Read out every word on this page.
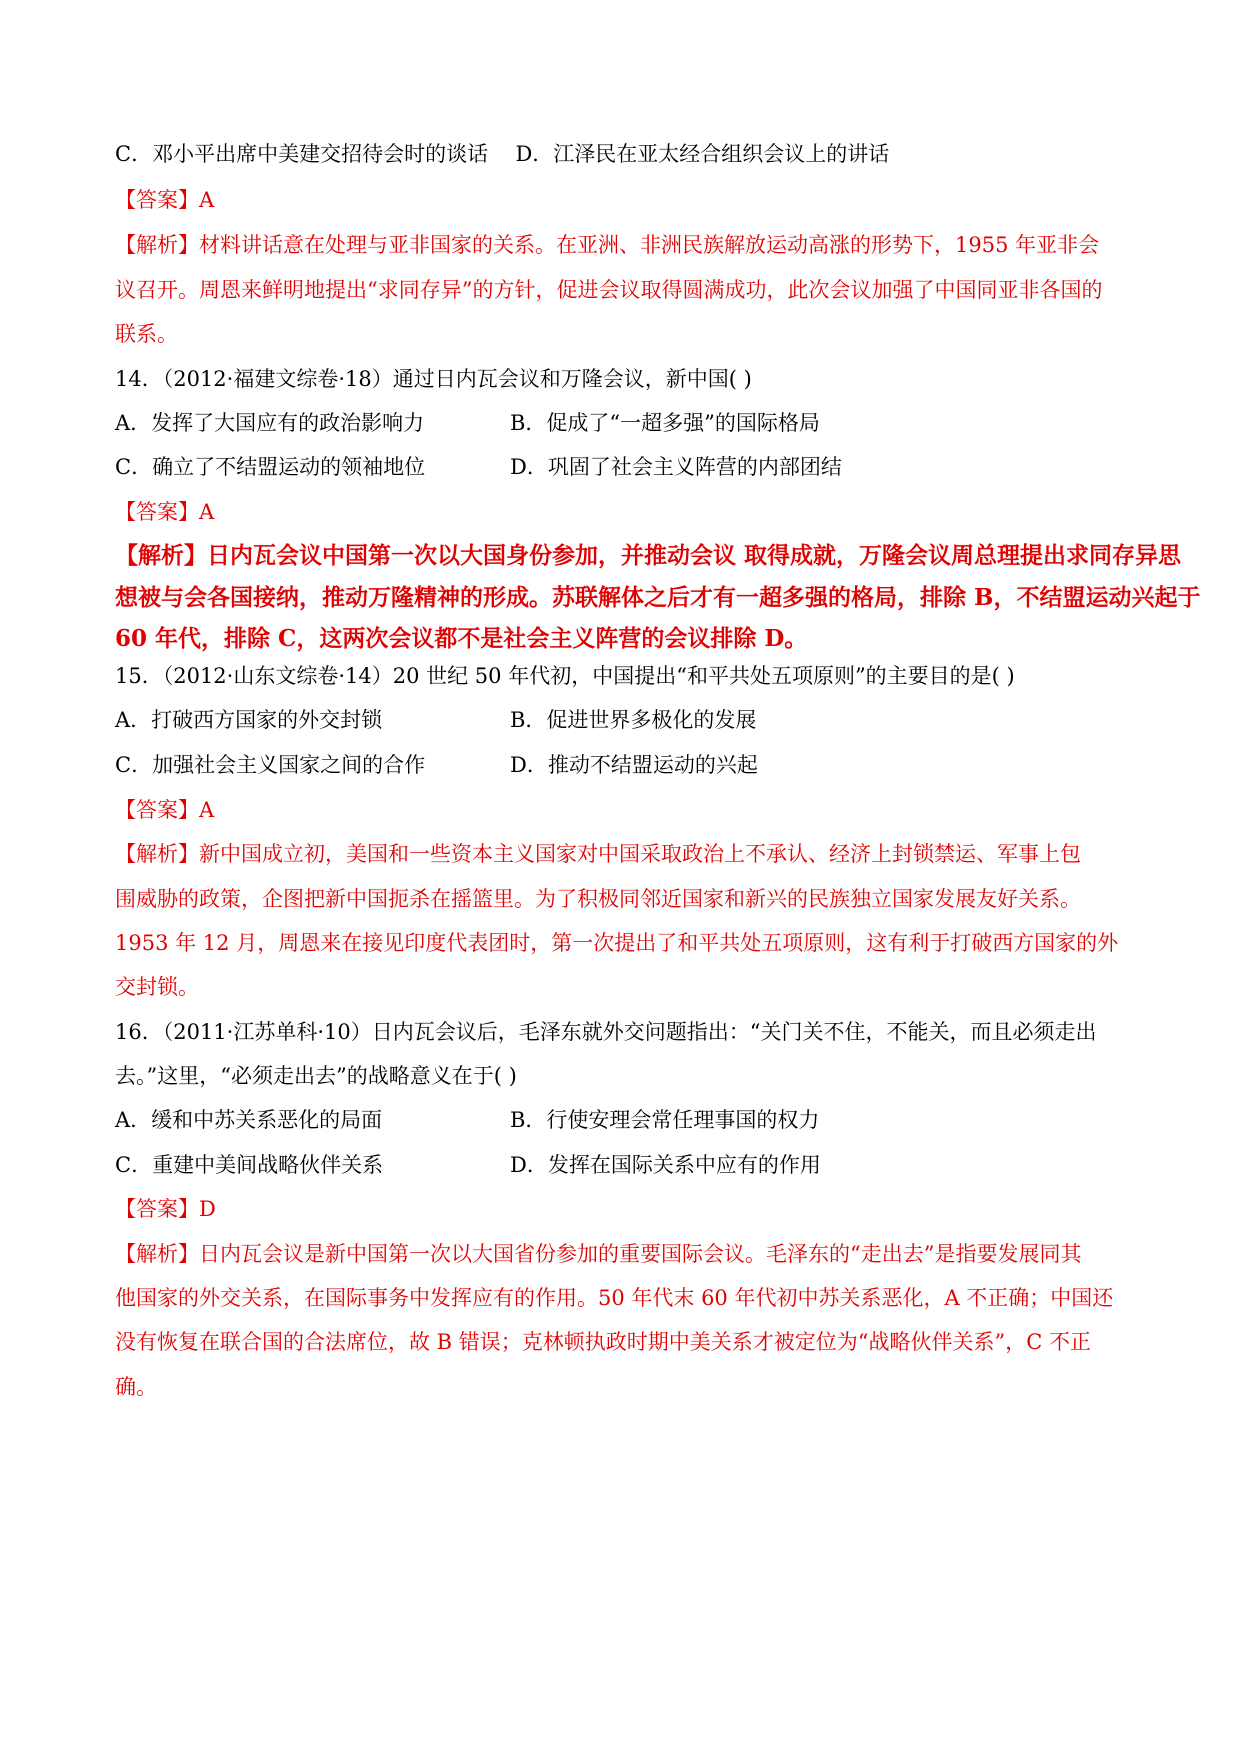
C．邓小平出席中美建交招待会时的谈话 D．江泽民在亚太经合组织会议上的讲话
【答案】A
【解析】材料讲话意在处理与亚非国家的关系。在亚洲、非洲民族解放运动高涨的形势下，1955 年亚非会
议召开。周恩来鲜明地提出“求同存异”的方针，促进会议取得圆满成功，此次会议加强了中国同亚非各国的
联系。
14．（2012·福建文综卷·18）通过日内瓦会议和万隆会议，新中国( )
A．发挥了大国应有的政治影响力	B．促成了“一超多强”的国际格局
C．确立了不结盟运动的领袖地位	D．巩固了社会主义阵营的内部团结
【答案】A
【解析】日内瓦会议中国第一次以大国身份参加，并推动会议 取得成就，万隆会议周总理提出求同存异思
想被与会各国接纳，推动万隆精神的形成。苏联解体之后才有一超多强的格局，排除 B，不结盟运动兴起于
60 年代，排除 C，这两次会议都不是社会主义阵营的会议排除 D。
15．（2012·山东文综卷·14）20 世纪 50 年代初，中国提出“和平共处五项原则”的主要目的是( )
A．打破西方国家的外交封锁	B．促进世界多极化的发展
C．加强社会主义国家之间的合作	D．推动不结盟运动的兴起
【答案】A
【解析】新中国成立初，美国和一些资本主义国家对中国采取政治上不承认、经济上封锁禁运、军事上包
围威胁的政策，企图把新中国扼杀在摇篮里。为了积极同邻近国家和新兴的民族独立国家发展友好关系。
1953 年 12 月，周恩来在接见印度代表团时，第一次提出了和平共处五项原则，这有利于打破西方国家的外
交封锁。
16．（2011·江苏单科·10）日内瓦会议后，毛泽东就外交问题指出：“关门关不住，不能关，而且必须走出
去。”这里，“必须走出去”的战略意义在于( )
A．缓和中苏关系恶化的局面	B．行使安理会常任理事国的权力
C．重建中美间战略伙伴关系	D．发挥在国际关系中应有的作用
【答案】D
【解析】日内瓦会议是新中国第一次以大国省份参加的重要国际会议。毛泽东的“走出去”是指要发展同其
他国家的外交关系，在国际事务中发挥应有的作用。50 年代末 60 年代初中苏关系恶化，A 不正确；中国还
没有恢复在联合国的合法席位，故 B 错误；克林顿执政时期中美关系才被定位为“战略伙伴关系”，C 不正
确。
